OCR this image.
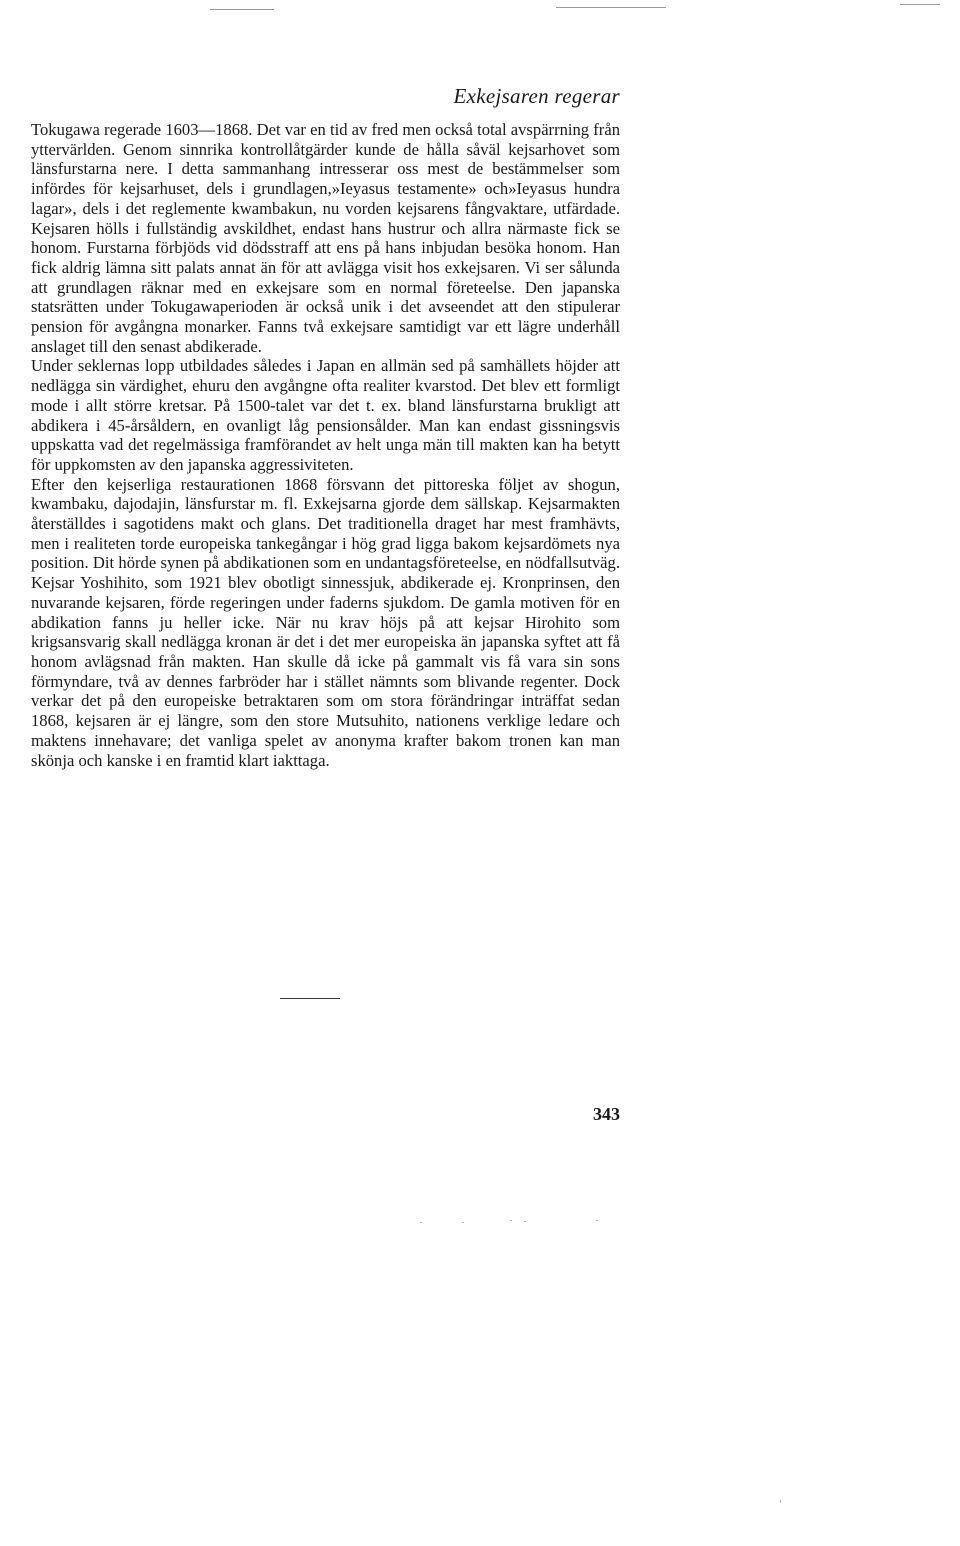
Exkejsaren regerar

Tokugawa regerade 1603—1868. Det var en tid av fred men också total avspärrning från yttervärlden. Genom sinnrika kontrollåtgärder kunde de hålla såväl kejsarhovet som länsfurstarna nere. I detta sammanhang intresserar oss mest de bestämmelser som infördes för kejsarhuset, dels i grundlagen,»Ieyasus testamente» och»Ieyasus hundra lagar», dels i det reglemente kwambakun, nu vorden kejsarens fångvaktare, utfärdade. Kejsaren hölls i fullständig avskildhet, endast hans hustrur och allra närmaste fick se honom. Furstarna förbjöds vid dödsstraff att ens på hans inbjudan besöka honom. Han fick aldrig lämna sitt palats annat än för att avlägga visit hos exkejsaren. Vi ser sålunda att grundlagen räknar med en exkejsare som en normal företeelse. Den japanska statsrätten under Tokugawaperioden är också unik i det avseendet att den stipulerar pension för avgångna monarker. Fanns två exkejsare samtidigt var ett lägre underhåll anslaget till den senast abdikerade.

Under seklernas lopp utbildades således i Japan en allmän sed på samhällets höjder att nedlägga sin värdighet, ehuru den avgångne ofta realiter kvarstod. Det blev ett formligt mode i allt större kretsar. På 1500-talet var det t. ex. bland länsfurstarna brukligt att abdikera i 45-årsåldern, en ovanligt låg pensionsålder. Man kan endast gissningsvis uppskatta vad det regelmässiga framförandet av helt unga män till makten kan ha betytt för uppkomsten av den japanska aggressiviteten.

Efter den kejserliga restaurationen 1868 försvann det pittoreska följet av shogun, kwambaku, dajodajin, länsfurstar m. fl. Exkejsarna gjorde dem sällskap. Kejsarmakten återställdes i sagotidens makt och glans. Det traditionella draget har mest framhävts, men i realiteten torde europeiska tankegångar i hög grad ligga bakom kejsardömets nya position. Dit hörde synen på abdikationen som en undantagsföreteelse, en nödfallsutväg. Kejsar Yoshihito, som 1921 blev obotligt sinnessjuk, abdikerade ej. Kronprinsen, den nuvarande kejsaren, förde regeringen under faderns sjukdom. De gamla motiven för en abdikation fanns ju heller icke. När nu krav höjs på att kejsar Hirohito som krigsansvarig skall nedlägga kronan är det i det mer europeiska än japanska syftet att få honom avlägsnad från makten. Han skulle då icke på gammalt vis få vara sin sons förmyndare, två av dennes farbröder har i stället nämnts som blivande regenter. Dock verkar det på den europeiske betraktaren som om stora förändringar inträffat sedan 1868, kejsaren är ej längre, som den store Mutsuhito, nationens verklige ledare och maktens innehavare; det vanliga spelet av anonyma krafter bakom tronen kan man skönja och kanske i en framtid klart iakttaga.

343
